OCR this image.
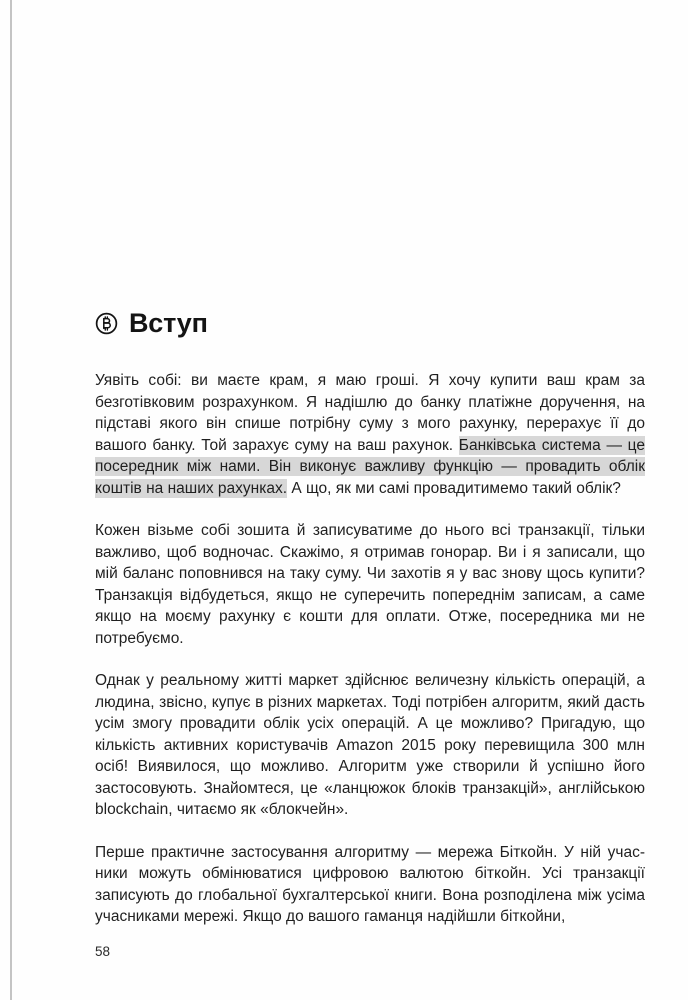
Вступ

Уявіть собі: ви маєте крам, я маю гроші. Я хочу купити ваш крам за безготівковим розрахунком. Я надішлю до банку платіжне доручення, на підставі якого він спише потрібну суму з мого рахунку, перерахує її до вашого банку. Той зарахує суму на ваш рахунок. Банківська система — це посередник між нами. Він виконує важливу функцію — провадить облік коштів на наших рахунках. А що, як ми самі провадитимемо такий облік?

Кожен візьме собі зошита й записуватиме до нього всі транзакції, тільки важливо, щоб водночас. Скажімо, я отримав гонорар. Ви і я записали, що мій баланс поповнився на таку суму. Чи захотів я у вас знову щось купити? Транзакція відбудеться, якщо не суперечить попереднім записам, а саме якщо на моєму рахунку є кошти для оплати. Отже, посередника ми не потребуємо.

Однак у реальному житті маркет здійснює величезну кількість операцій, а людина, звісно, купує в різних маркетах. Тоді потрібен алгоритм, який дасть усім змогу провадити облік усіх операцій. А це можливо? Пригадую, що кількість активних користувачів Amazon 2015 року перевищила 300 млн осіб! Виявилося, що можливо. Алгоритм уже створили й успішно його застосовують. Знайомтеся, це «ланцюжок блоків транзакцій», англійською blockchain, читаємо як «блокчейн».

Перше практичне застосування алгоритму — мережа Біткойн. У ній учасники можуть обмінюватися цифровою валютою біткойн. Усі транзакції записують до глобальної бухгалтерської книги. Вона розподілена між усіма учасниками мережі. Якщо до вашого гаманця надійшли біткойни,

58
